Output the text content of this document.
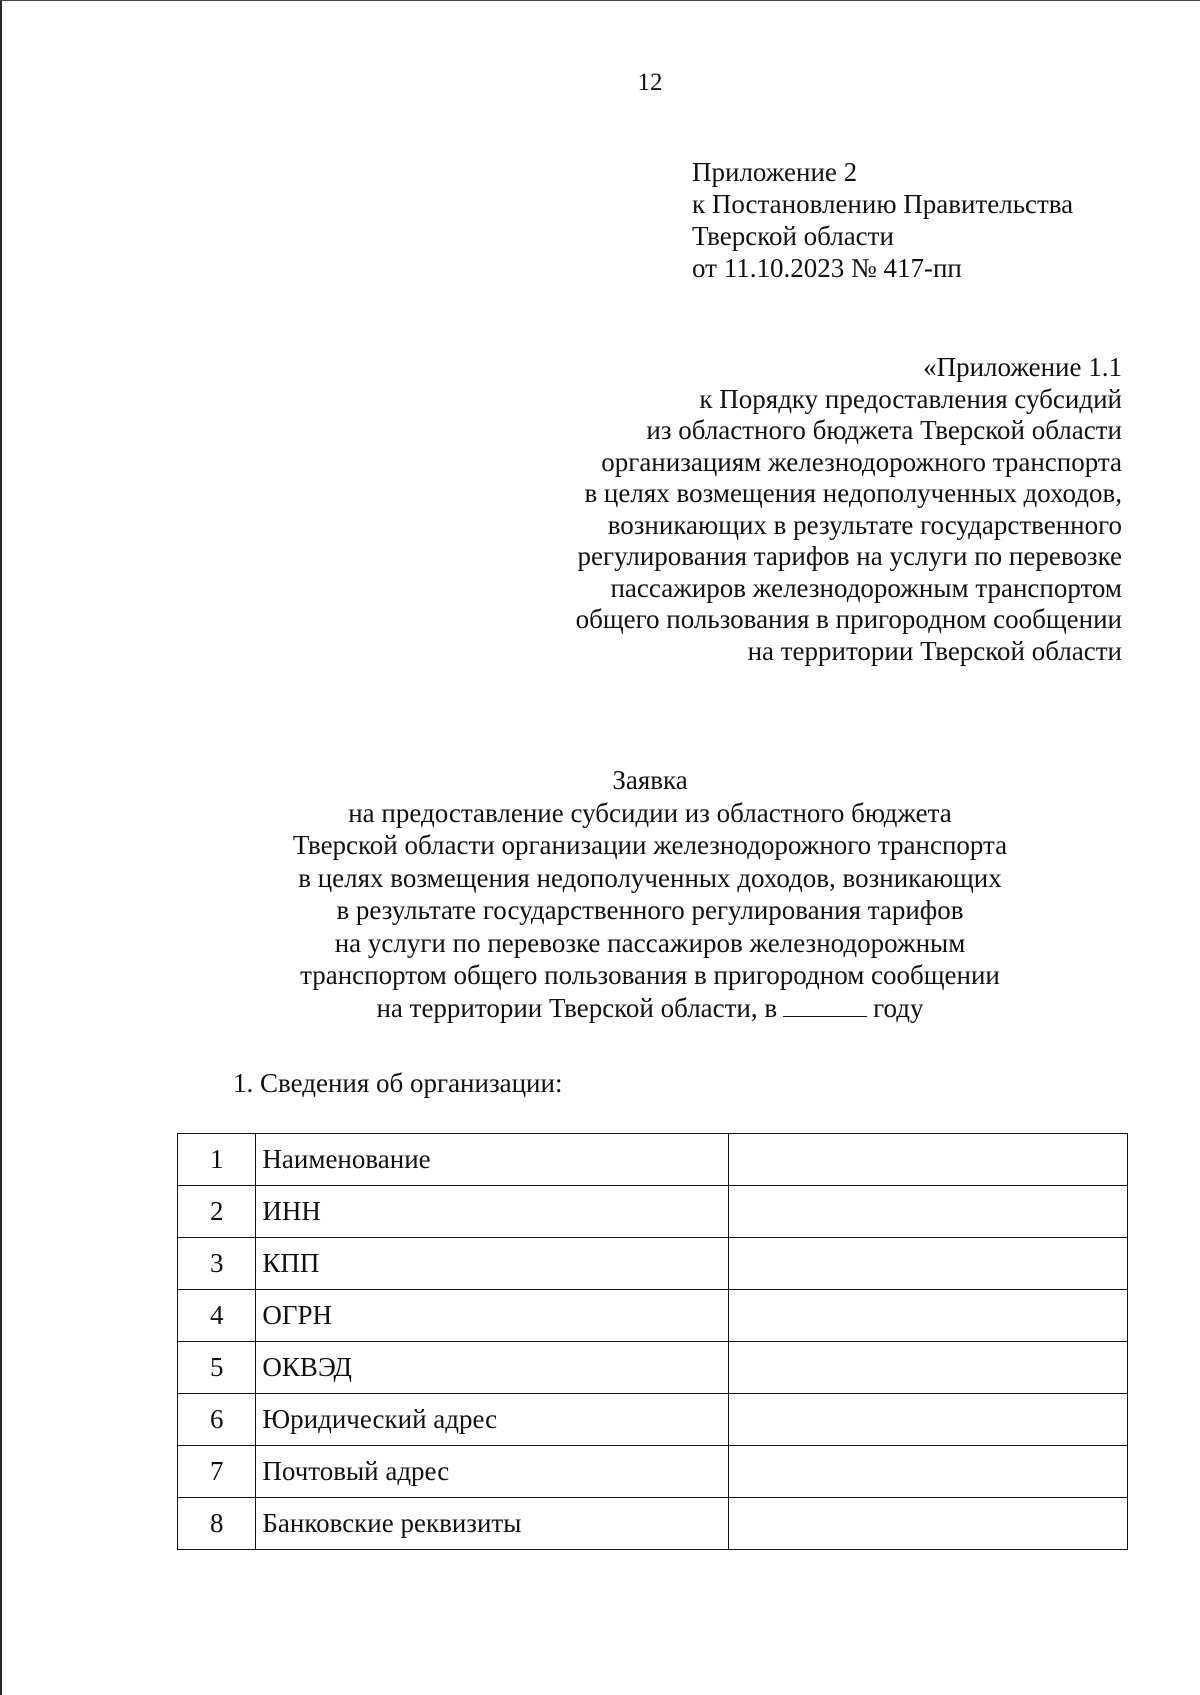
12
Приложение 2
к Постановлению Правительства
Тверской области
от 11.10.2023 № 417-пп
«Приложение 1.1
к Порядку предоставления субсидий
из областного бюджета Тверской области
организациям железнодорожного транспорта
в целях возмещения недополученных доходов,
возникающих в результате государственного
регулирования тарифов на услуги по перевозке
пассажиров железнодорожным транспортом
общего пользования в пригородном сообщении
на территории Тверской области
Заявка
на предоставление субсидии из областного бюджета
Тверской области организации железнодорожного транспорта
в целях возмещения недополученных доходов, возникающих
в результате государственного регулирования тарифов
на услуги по перевозке пассажиров железнодорожным
транспортом общего пользования в пригородном сообщении
на территории Тверской области, в	году
1. Сведения об организации:
1	Наименование	
2	ИНН	
3	КПП	
4	ОГРН	
5	ОКВЭД	
6	Юридический адрес	
7	Почтовый адрес	
8	Банковские реквизиты	
